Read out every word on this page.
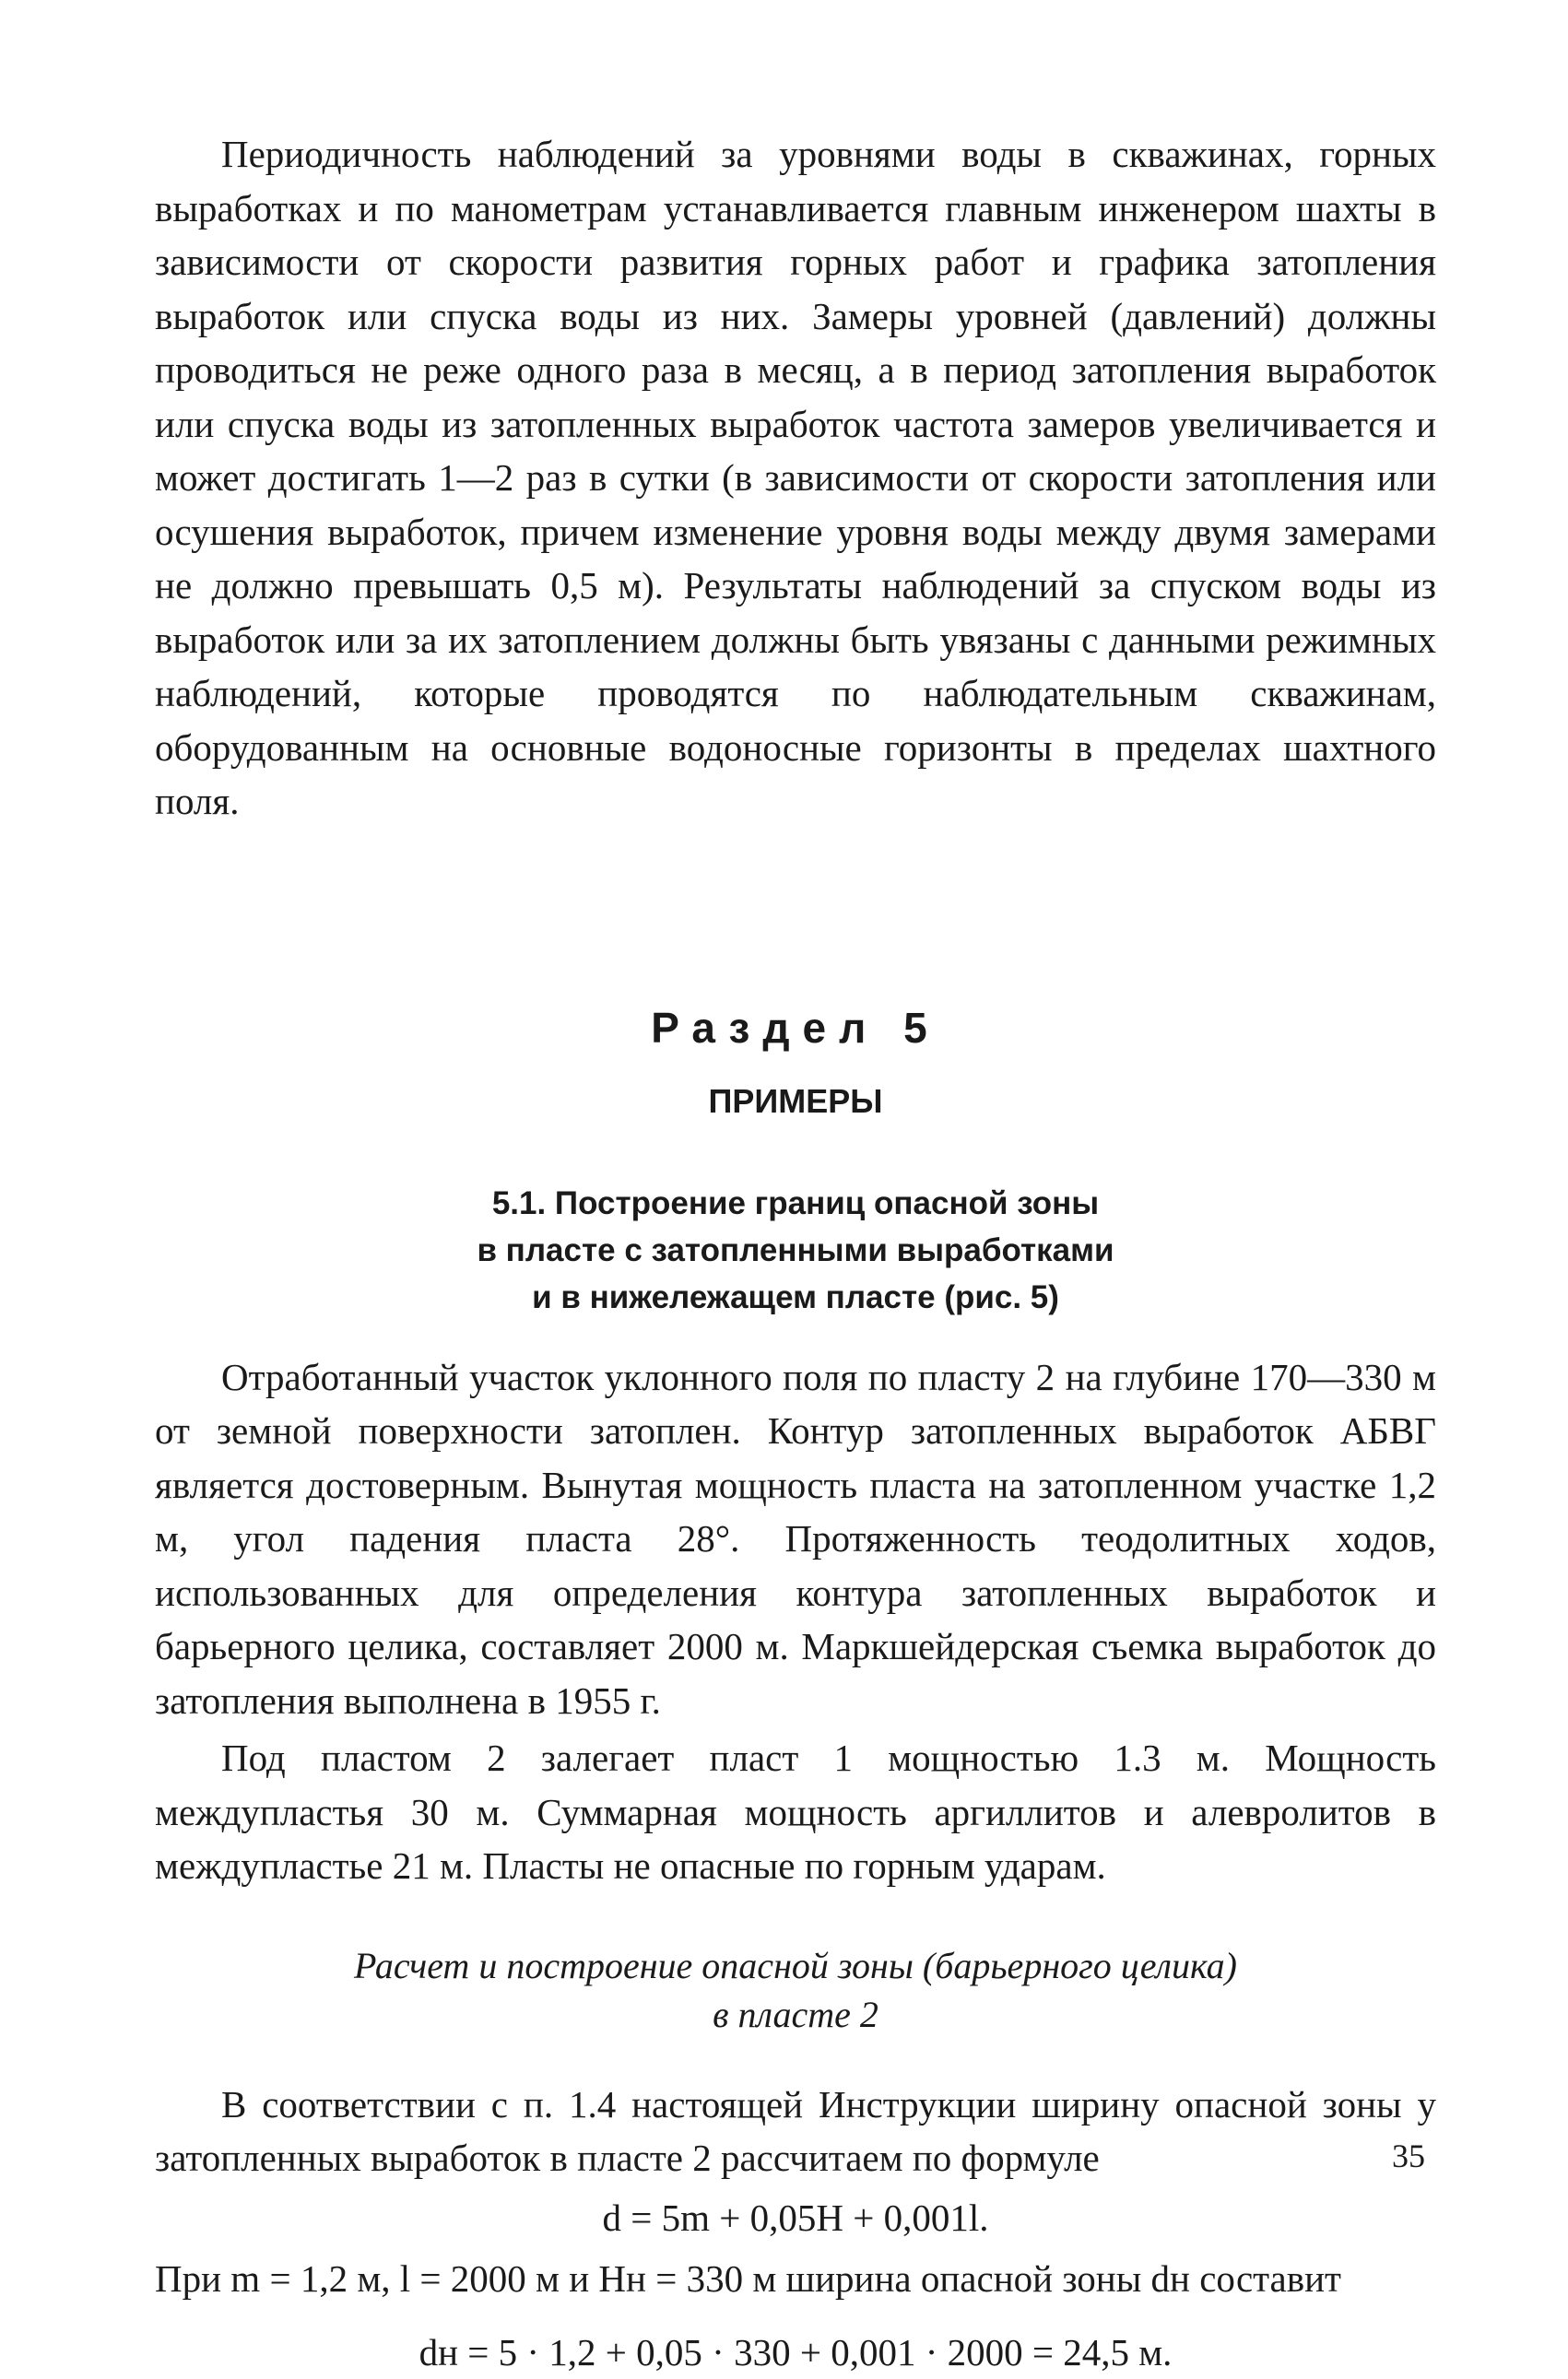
Периодичность наблюдений за уровнями воды в скважинах, горных выработках и по манометрам устанавливается главным инженером шахты в зависимости от скорости развития горных работ и графика затопления выработок или спуска воды из них. Замеры уровней (давлений) должны проводиться не реже одного раза в месяц, а в период затопления выработок или спуска воды из затопленных выработок частота замеров увеличивается и может достигать 1—2 раз в сутки (в зависимости от скорости затопления или осушения выработок, причем изменение уровня воды между двумя замерами не должно превышать 0,5 м). Результаты наблюдений за спуском воды из выработок или за их затоплением должны быть увязаны с данными режимных наблюдений, которые проводятся по наблюдательным скважинам, оборудованным на основные водоносные горизонты в пределах шахтного поля.

Раздел 5
ПРИМЕРЫ
5.1. Построение границ опасной зоны
в пласте с затопленными выработками
и в нижележащем пласте (рис. 5)

Отработанный участок уклонного поля по пласту 2 на глубине 170—330 м от земной поверхности затоплен. Контур затопленных выработок АБВГ является достоверным. Вынутая мощность пласта на затопленном участке 1,2 м, угол падения пласта 28°. Протяженность теодолитных ходов, использованных для определения контура затопленных выработок и барьерного целика, составляет 2000 м. Маркшейдерская съемка выработок до затопления выполнена в 1955 г.

Под пластом 2 залегает пласт 1 мощностью 1.3 м. Мощность междупластья 30 м. Суммарная мощность аргиллитов и алевролитов в междупластье 21 м. Пласты не опасные по горным ударам.

Расчет и построение опасной зоны (барьерного целика)
в пласте 2

В соответствии с п. 1.4 настоящей Инструкции ширину опасной зоны у затопленных выработок в пласте 2 рассчитаем по формуле

d = 5m + 0,05H + 0,001l.

При m = 1,2 м, l = 2000 м и Hн = 330 м ширина опасной зоны dн составит

dн = 5 · 1,2 + 0,05 · 330 + 0,001 · 2000 = 24,5 м.
35
